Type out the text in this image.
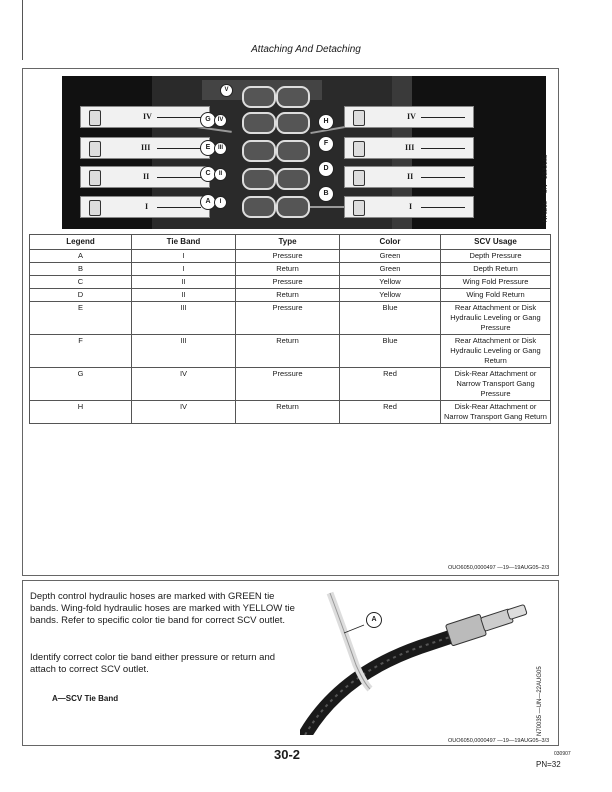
Attaching And Detaching
IV
III
II
I
IV
III
II
I
A
B
C
D
E
F
G	H
I
II
III
IV
V
N70266 —UN—23JUL05
Legend	Tie Band	Type	Color	SCV Usage
A	I	Pressure	Green	Depth Pressure
B	I	Return	Green	Depth Return
C	II	Pressure	Yellow	Wing Fold Pressure
D	II	Return	Yellow	Wing Fold Return
E	III	Pressure	Blue	Rear Attachment or Disk Hydraulic Leveling or Gang Pressure
F	III	Return	Blue	Rear Attachment or Disk Hydraulic Leveling or Gang Return
G	IV	Pressure	Red	Disk-Rear Attachment or Narrow Transport Gang Pressure
H	IV	Return	Red	Disk-Rear Attachment or Narrow Transport Gang Return
OUO6050,0000497 —19—19AUG05–2/3
Depth control hydraulic hoses are marked with GREEN tie bands. Wing-fold hydraulic hoses are marked with YELLOW tie bands. Refer to specific color tie band for correct SCV outlet.
Identify correct color tie band either pressure or return and attach to correct SCV outlet.
A—SCV Tie Band
A
N70035 —UN—22AUG05
OUO6050,0000497 —19—19AUG05–3/3
30-2	030907
PN=32
